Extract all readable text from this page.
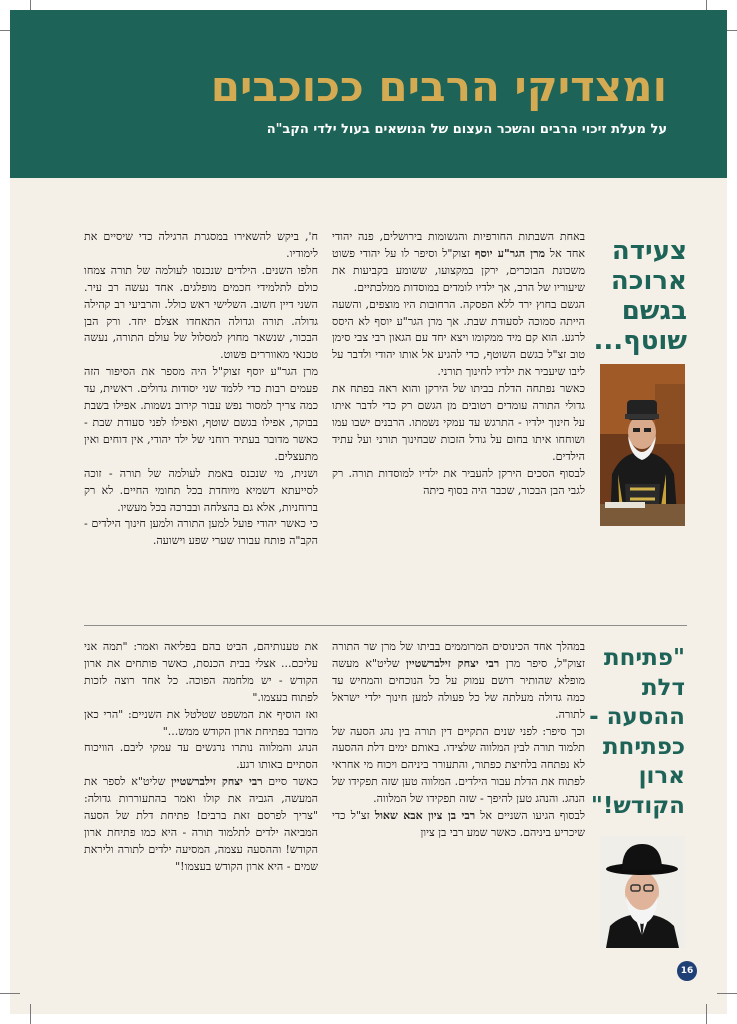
ומצדיקי הרבים ככוכבים

על מעלת זיכוי הרבים והשכר העצום של הנושאים בעול ילדי הקב"ה

צעידה
ארוכה
בגשם
שוטף...

באחת השבתות החורפיות והגשומות בירושלים, פנה יהודי אחד אל מרן הגר"ע יוסף זצוק"ל וסיפר לו על יהודי פשוט משכונת הבוכרים, ירקן במקצועו, ששומע בקביעות את שיעוריו של הרב, אך ילדיו לומדים במוסדות ממלכתיים.

הגשם בחוץ ירד ללא הפסקה. הרחובות היו מוצפים, והשעה הייתה סמוכה לסעודת שבת. אך מרן הגר"ע יוסף לא היסס לרגע. הוא קם מיד ממקומו ויצא יחד עם הגאון רבי צבי סימן טוב זצ"ל בגשם השוטף, כדי להגיע אל אותו יהודי ולדבר על ליבו שיעביר את ילדיו לחינוך תורני.

כאשר נפתחה הדלת בביתו של הירקן והוא ראה בפתח את גדולי התורה עומדים רטובים מן הגשם רק כדי לדבר איתו על חינוך ילדיו - התרגש עד עמקי נשמתו. הרבנים ישבו עמו ושוחחו איתו בחום על גודל הזכות שבחינוך תורני ועל עתיד הילדים.

לבסוף הסכים הירקן להעביר את ילדיו למוסדות תורה. רק לגבי הבן הבכור, שכבר היה בסוף כיתה

ח', ביקש להשאירו במסגרת הרגילה כדי שיסיים את לימודיו.

חלפו השנים. הילדים שנכנסו לעולמה של תורה צמחו כולם לתלמידי חכמים מופלגים. אחד נעשה רב עיר. השני דיין חשוב. השלישי ראש כולל. והרביעי רב קהילה גדולה. תורה וגדולה התאחדו אצלם יחד. ורק הבן הבכור, שנשאר מחוץ למסלול של עולם התורה, נעשה טכנאי מאווררים פשוט.

מרן הגר"ע יוסף זצוק"ל היה מספר את הסיפור הזה פעמים רבות כדי ללמד שני יסודות גדולים. ראשית, עד כמה צריך למסור נפש עבור קירוב נשמות. אפילו בשבת בבוקר, אפילו בגשם שוטף, ואפילו לפני סעודת שבת - כאשר מדובר בעתיד רוחני של ילד יהודי, אין דוחים ואין מתעצלים.

ושנית, מי שנכנס באמת לעולמה של תורה - זוכה לסייעתא דשמיא מיוחדת בכל תחומי החיים. לא רק ברוחניות, אלא גם בהצלחה ובברכה בכל מעשיו.

כי כאשר יהודי פועל למען התורה ולמען חינוך הילדים - הקב"ה פותח עבורו שערי שפע וישועה.

"פתיחת
דלת
ההסעה -
כפתיחת
ארון
הקודש!"

במהלך אחד הכינוסים המרוממים בביתו של מרן שר התורה זצוק"ל, סיפר מרן רבי יצחק זילברשטיין שליט"א מעשה מופלא שהותיר רושם עמוק על כל הנוכחים והמחיש עד כמה גדולה מעלתה של כל פעולה למען חינוך ילדי ישראל לתורה.

וכך סיפר: לפני שנים התקיים דין תורה בין נהג הסעה של תלמוד תורה לבין המלווה שלצידו. באותם ימים דלת ההסעה לא נפתחה בלחיצת כפתור, והתעורר ביניהם ויכוח מי אחראי לפתוח את הדלת עבור הילדים. המלווה טען שזה תפקידו של הנהג. והנהג טען להיפך - שזה תפקידו של המלווה.

לבסוף הגיעו השניים אל רבי בן ציון אבא שאול זצ"ל כדי שיכריע ביניהם. כאשר שמע רבי בן ציון

את טענותיהם, הביט בהם בפליאה ואמר: "תמה אני עליכם... אצלי בבית הכנסת, כאשר פותחים את ארון הקודש - יש מלחמה הפוכה. כל אחד רוצה לזכות לפתוח בעצמו."

ואז הוסיף את המשפט שטלטל את השניים: "הרי כאן מדובר בפתיחת ארון הקודש ממש..."

הנהג והמלווה נותרו נרגשים עד עמקי ליבם. הוויכוח הסתיים באותו רגע.

כאשר סיים רבי יצחק זילברשטיין שליט"א לספר את המעשה, הגביה את קולו ואמר בהתעוררות גדולה: "צריך לפרסם זאת ברבים! פתיחת דלת של הסעה המביאה ילדים לתלמוד תורה - היא כמו פתיחת ארון הקודש! וההסעה עצמה, המסיעה ילדים לתורה וליראת שמים - היא ארון הקודש בעצמו!"

16
